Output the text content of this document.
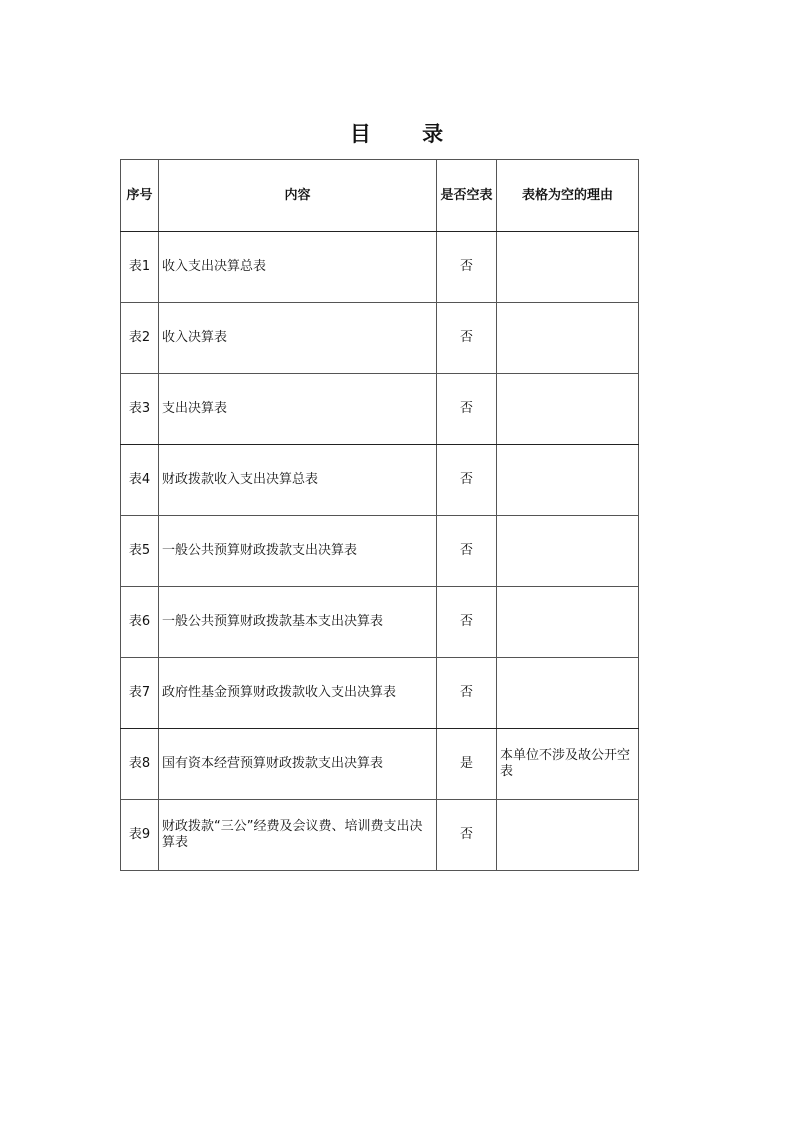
目 录
序号	内容	是否空表	表格为空的理由
表1	收入支出决算总表	否	
表2	收入决算表	否	
表3	支出决算表	否	
表4	财政拨款收入支出决算总表	否	
表5	一般公共预算财政拨款支出决算表	否	
表6	一般公共预算财政拨款基本支出决算表	否	
表7	政府性基金预算财政拨款收入支出决算表	否	
表8	国有资本经营预算财政拨款支出决算表	是	本单位不涉及故公开空表
表9	财政拨款“三公”经费及会议费、培训费支出决算表	否	
